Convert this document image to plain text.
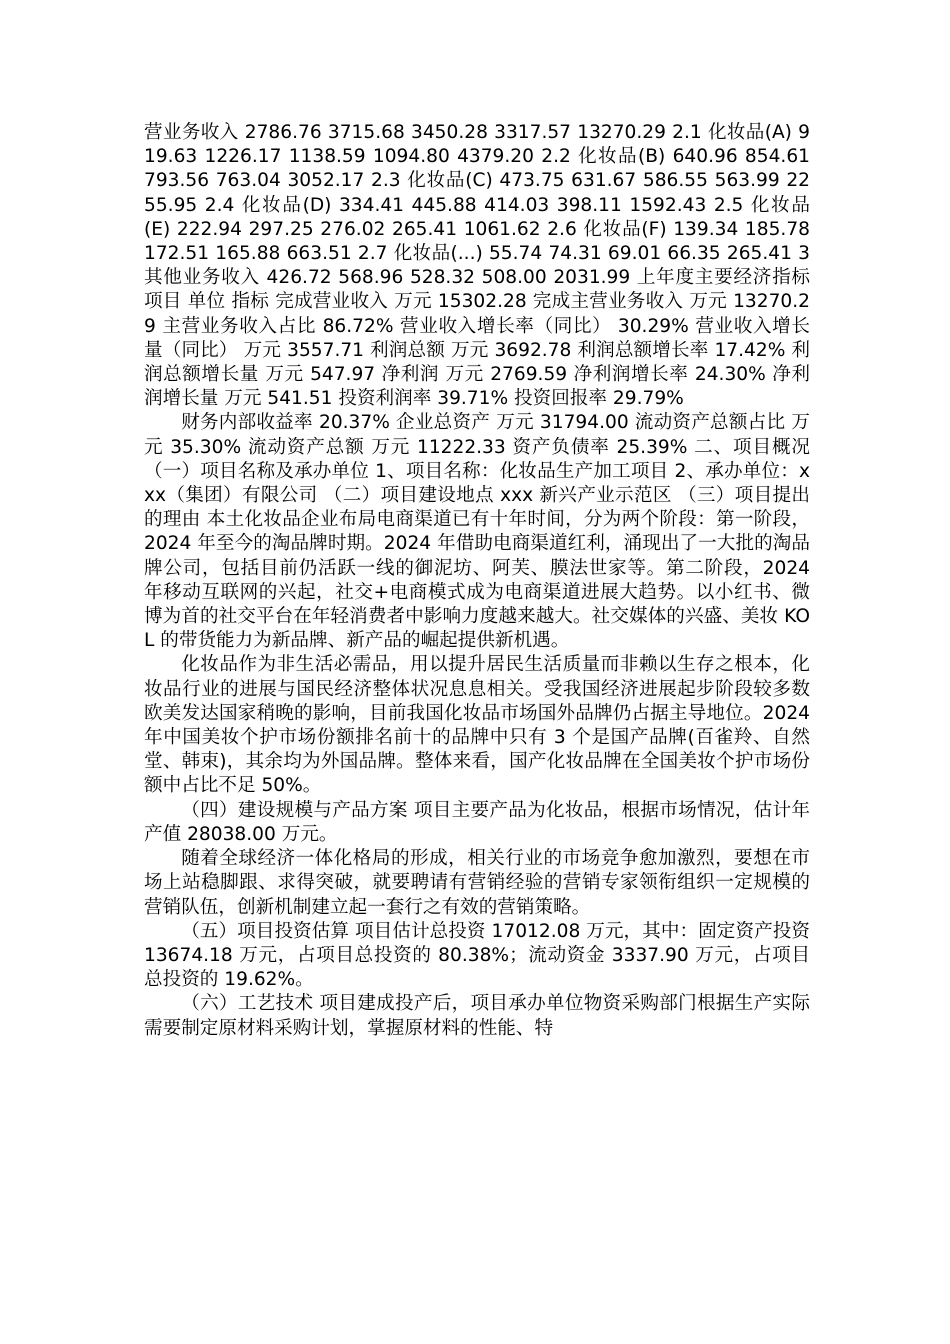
营业务收入 2786.76 3715.68 3450.28 3317.57 13270.29 2.1 化妆品(A) 919.63 1226.17 1138.59 1094.80 4379.20 2.2 化妆品(B) 640.96 854.61 793.56 763.04 3052.17 2.3 化妆品(C) 473.75 631.67 586.55 563.99 2255.95 2.4 化妆品(D) 334.41 445.88 414.03 398.11 1592.43 2.5 化妆品(E) 222.94 297.25 276.02 265.41 1061.62 2.6 化妆品(F) 139.34 185.78 172.51 165.88 663.51 2.7 化妆品(...) 55.74 74.31 69.01 66.35 265.41 3 其他业务收入 426.72 568.96 528.32 508.00 2031.99 上年度主要经济指标 项目 单位 指标 完成营业收入 万元 15302.28 完成主营业务收入 万元 13270.29 主营业务收入占比 86.72% 营业收入增长率（同比） 30.29% 营业收入增长量（同比） 万元 3557.71 利润总额 万元 3692.78 利润总额增长率 17.42% 利润总额增长量 万元 547.97 净利润 万元 2769.59 净利润增长率 24.30% 净利润增长量 万元 541.51 投资利润率 39.71% 投资回报率 29.79%

财务内部收益率 20.37% 企业总资产 万元 31794.00 流动资产总额占比 万元 35.30% 流动资产总额 万元 11222.33 资产负债率 25.39% 二、项目概况 （一）项目名称及承办单位 1、项目名称：化妆品生产加工项目 2、承办单位：xxx（集团）有限公司 （二）项目建设地点 xxx 新兴产业示范区 （三）项目提出的理由 本土化妆品企业布局电商渠道已有十年时间，分为两个阶段：第一阶段，2024 年至今的淘品牌时期。2024 年借助电商渠道红利，涌现出了一大批的淘品牌公司，包括目前仍活跃一线的御泥坊、阿芙、膜法世家等。第二阶段，2024 年移动互联网的兴起，社交+电商模式成为电商渠道进展大趋势。以小红书、微博为首的社交平台在年轻消费者中影响力度越来越大。社交媒体的兴盛、美妆 KOL 的带货能力为新品牌、新产品的崛起提供新机遇。

化妆品作为非生活必需品，用以提升居民生活质量而非赖以生存之根本，化妆品行业的进展与国民经济整体状况息息相关。受我国经济进展起步阶段较多数欧美发达国家稍晚的影响，目前我国化妆品市场国外品牌仍占据主导地位。2024 年中国美妆个护市场份额排名前十的品牌中只有 3 个是国产品牌(百雀羚、自然堂、韩束)，其余均为外国品牌。整体来看，国产化妆品牌在全国美妆个护市场份额中占比不足 50%。

（四）建设规模与产品方案 项目主要产品为化妆品，根据市场情况，估计年产值 28038.00 万元。

随着全球经济一体化格局的形成，相关行业的市场竞争愈加激烈，要想在市场上站稳脚跟、求得突破，就要聘请有营销经验的营销专家领衔组织一定规模的营销队伍，创新机制建立起一套行之有效的营销策略。

（五）项目投资估算 项目估计总投资 17012.08 万元，其中：固定资产投资 13674.18 万元，占项目总投资的 80.38%；流动资金 3337.90 万元，占项目总投资的 19.62%。

（六）工艺技术 项目建成投产后，项目承办单位物资采购部门根据生产实际需要制定原材料采购计划，掌握原材料的性能、特
